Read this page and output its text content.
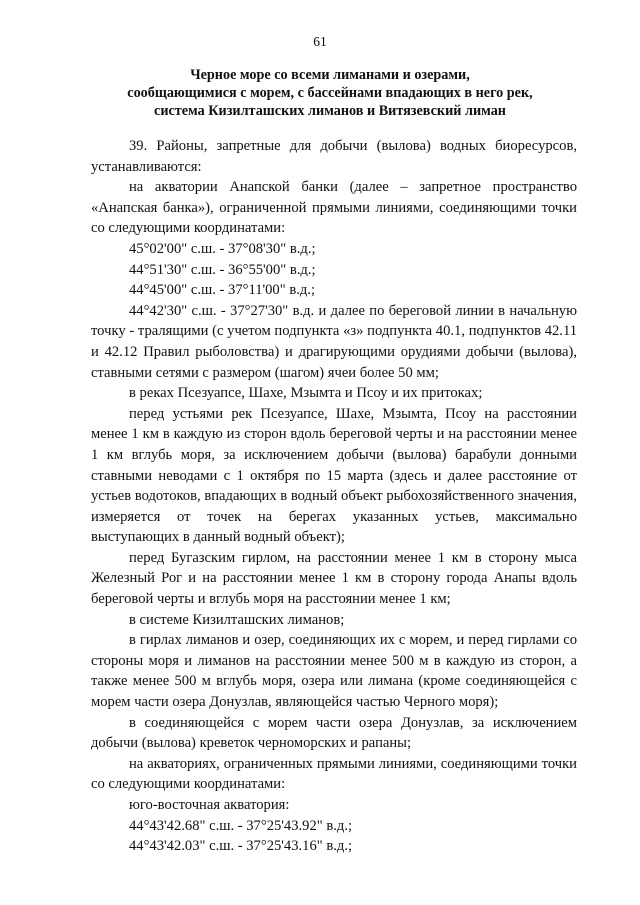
61
Черное море со всеми лиманами и озерами,
сообщающимися с морем, с бассейнами впадающих в него рек,
система Кизилташских лиманов и Витязевский лиман

39. Районы, запретные для добычи (вылова) водных биоресурсов, устанавливаются:

на акватории Анапской банки (далее – запретное пространство «Анапская банка»), ограниченной прямыми линиями, соединяющими точки со следующими координатами:

45°02'00" с.ш. - 37°08'30" в.д.;

44°51'30" с.ш. - 36°55'00" в.д.;

44°45'00" с.ш. - 37°11'00" в.д.;

44°42'30" с.ш. - 37°27'30" в.д. и далее по береговой линии в начальную точку - тралящими (с учетом подпункта «з» подпункта 40.1, подпунктов 42.11 и 42.12 Правил рыболовства) и драгирующими орудиями добычи (вылова), ставными сетями с размером (шагом) ячеи более 50 мм;

в реках Псезуапсе, Шахе, Мзымта и Псоу и их притоках;

перед устьями рек Псезуапсе, Шахе, Мзымта, Псоу на расстоянии менее 1 км в каждую из сторон вдоль береговой черты и на расстоянии менее 1 км вглубь моря, за исключением добычи (вылова) барабули донными ставными неводами с 1 октября по 15 марта (здесь и далее расстояние от устьев водотоков, впадающих в водный объект рыбохозяйственного значения, измеряется от точек на берегах указанных устьев, максимально выступающих в данный водный объект);

перед Бугазским гирлом, на расстоянии менее 1 км в сторону мыса Железный Рог и на расстоянии менее 1 км в сторону города Анапы вдоль береговой черты и вглубь моря на расстоянии менее 1 км;

в системе Кизилташских лиманов;

в гирлах лиманов и озер, соединяющих их с морем, и перед гирлами со стороны моря и лиманов на расстоянии менее 500 м в каждую из сторон, а также менее 500 м вглубь моря, озера или лимана (кроме соединяющейся с морем части озера Донузлав, являющейся частью Черного моря);

в соединяющейся с морем части озера Донузлав, за исключением добычи (вылова) креветок черноморских и рапаны;

на акваториях, ограниченных прямыми линиями, соединяющими точки со следующими координатами:

юго-восточная акватория:

44°43'42.68" с.ш. - 37°25'43.92" в.д.;

44°43'42.03" с.ш. - 37°25'43.16" в.д.;
